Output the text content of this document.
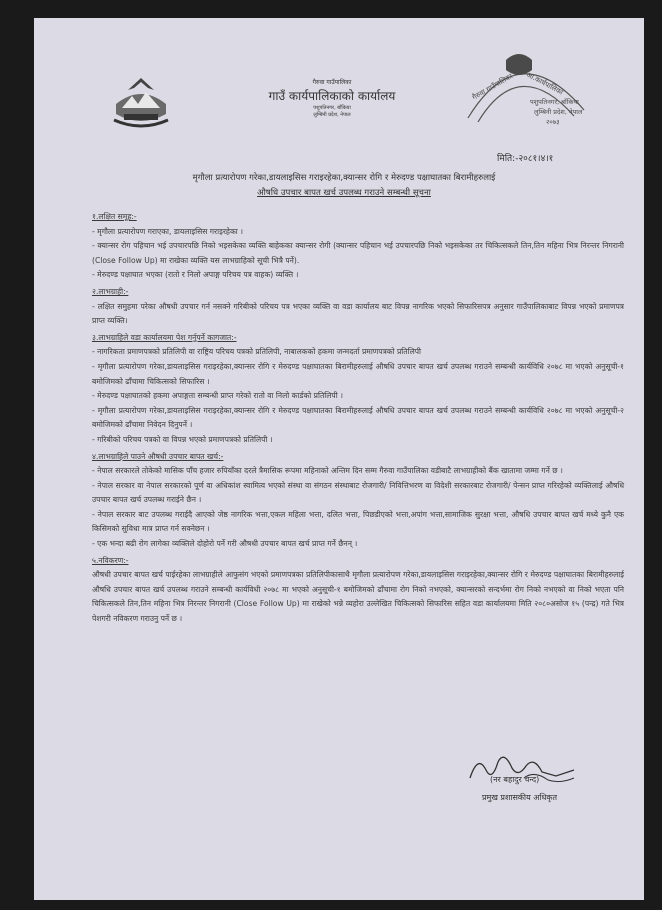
गैरुवा गाउँपालिका
गाउँ कार्यपालिकाको कार्यालय
पशुपतिनगर, बाँकिया
लुम्बिनी प्रदेश, नेपाल
गैरुवा गाउँपालिका आ.कार्यपालिका
पशुपतिनगर, बाँकिया
लुम्बिनी प्रदेश, नेपाल
२०७३
मिति:-२०८१।४।१
मृगौला प्रत्यारोपण गरेका,डायलाइसिस गराइरहेका,क्यान्सर रोगि र मेरुदण्ड पक्षाघातका बिरामीहरुलाई
औषधि उपचार बापत खर्च उपलब्ध गराउने सम्बन्धी सूचना

१.लक्षित समूह:-

- मृगौला प्रत्यारोपण गराएका, डायलाइसिस गराइरहेका ।

- क्यान्सर रोग पहिचान भई उपचारपछि निको भइसकेका व्यक्ति बाहेकका क्यान्सर रोगी (क्यान्सर पहिचान भई उपचारपछि निको भइसकेका तर चिकित्सकले तिन,तिन महिना भित्र निरन्तर निगरानी (Close Follow Up) मा राखेका व्यक्ति यस लाभग्राहिको सूची भित्रै पर्ने).

- मेरुदण्ड पक्षाघात भएका (रातो र निलो अपाङ्ग परिचय पत्र वाहक) व्यक्ति ।

२.लाभग्राही:-

- लक्षित समुहमा परेका औषधी उपचार गर्न नसक्ने गरिबीको परिचय पत्र भएका व्यक्ति वा वडा कार्यालय बाट विपन्न नागरिक भएको सिफारिसपत्र अनुसार गाउँपालिकाबाट विपन्न भएको प्रमाणपत्र प्राप्त व्यक्ति।

३.लाभग्राहिले वडा कार्यालयमा पेश गर्नुपर्ने कागजात:-

- नागरिकता प्रमाणपत्रको प्रतिलिपी वा राष्ट्रिय परिचय पत्रको प्रतिलिपी, नाबालकको हकमा जन्मदर्ता प्रमाणपत्रको प्रतिलिपी

- मृगौला प्रत्यारोपण गरेका,डायलाइसिस गराइरहेका,क्यान्सर रोगि र मेरुदण्ड पक्षाघातका बिरामीहरुलाई औषधि उपचार बापत खर्च उपलब्ध गराउने सम्बन्धी कार्यविधि २०७८ मा भएको अनुसूची-१ बमोजिमको ढाँचामा चिकित्सको सिफारिस ।

- मेरुदण्ड पक्षाघातको हकमा अपाङ्गता सम्बन्धी प्राप्त गरेको रातो वा निलो कार्डको प्रतिलिपी ।

- मृगौला प्रत्यारोपण गरेका,डायलाइसिस गराइरहेका,क्यान्सर रोगि र मेरुदण्ड पक्षाघातका बिरामीहरुलाई औषधि उपचार बापत खर्च उपलब्ध गराउने सम्बन्धी कार्यविधि २०७८ मा भएको अनुसूची-२ बमोजिमको ढाँचामा निवेदन दिनुपर्ने ।

- गरिबीको परिचय पत्रको वा विपन्न भएको प्रमाणपत्रको प्रतिलिपी ।

४.लाभग्राहिले पाउने औषधी उपचार बापत खर्च:-

- नेपाल सरकारले तोकेको मासिक पाँच हजार रुपियाँका दरले त्रैमासिक रूपमा महिनाको अन्तिम दिन सम्म गैरुवा गाउँपालिका वडीबाटै लाभग्राहीको बैंक खातामा जम्मा गर्ने छ ।

- नेपाल सरकार वा नेपाल सरकारको पूर्ण वा अधिकांश स्वामित्व भएको संस्था वा संगठन संस्थाबाट रोजगारी/ निवित्तिभरण वा विदेशी सरकारबाट रोजगारी/ पेन्सन प्राप्त गरिरहेको व्यक्तिलाई औषधि उपचार बापत खर्च उपलब्ध गराईने छैन ।

- नेपाल सरकार बाट उपलब्ध गराईदै आएको जेष्ठ नागरिक भत्ता,एकल महिला भत्ता, दलित भत्ता, पिछडीएको भत्ता,अपांग भत्ता,सामाजिक सुरक्षा भत्ता, औषधि उपचार बापत खर्च मध्ये कुनै एक किसिमको सुविधा मात्र प्राप्त गर्न सक्नेछन ।

- एक भन्दा बढी रोग लागेका व्यक्तिले दोहोरो पर्ने गरी औषधी उपचार बापत खर्च प्राप्त गर्ने छैनन् ।

५.नविकरण:-

औषधी उपचार बापत खर्च पाईरहेका लाभग्राहीले आफुसंग भएको प्रमाणपत्रका प्रतिलिपीकासाथै मृगौला प्रत्यारोपण गरेका,डायलाइसिस गराइरहेका,क्यान्सर रोगि र मेरुदण्ड पक्षाघातका बिरामीहरुलाई औषधि उपचार बापत खर्च उपलब्ध गराउने सम्बन्धी कार्यविधी २०७८ मा भएको अनुसूची-१ बमोजिमको ढाँचामा रोग निको नभएको, क्यान्सरको सन्दर्भमा रोग निको नभएको वा निको भएता पनि चिकित्सकले तिन,तिन महिना भित्र निरन्तर निगरानी (Close Follow Up) मा राखेको भन्ने व्यहोरा उल्लेखित चिकित्सको सिफारिस सहित वडा कार्यालयमा मिति २०८०असोज १५ (पन्द्र) गते भित्र पेशगरी नविकरण गराउनु पर्ने छ ।

(नर बहादुर चन्द)
प्रमुख प्रशासकीय अधिकृत
